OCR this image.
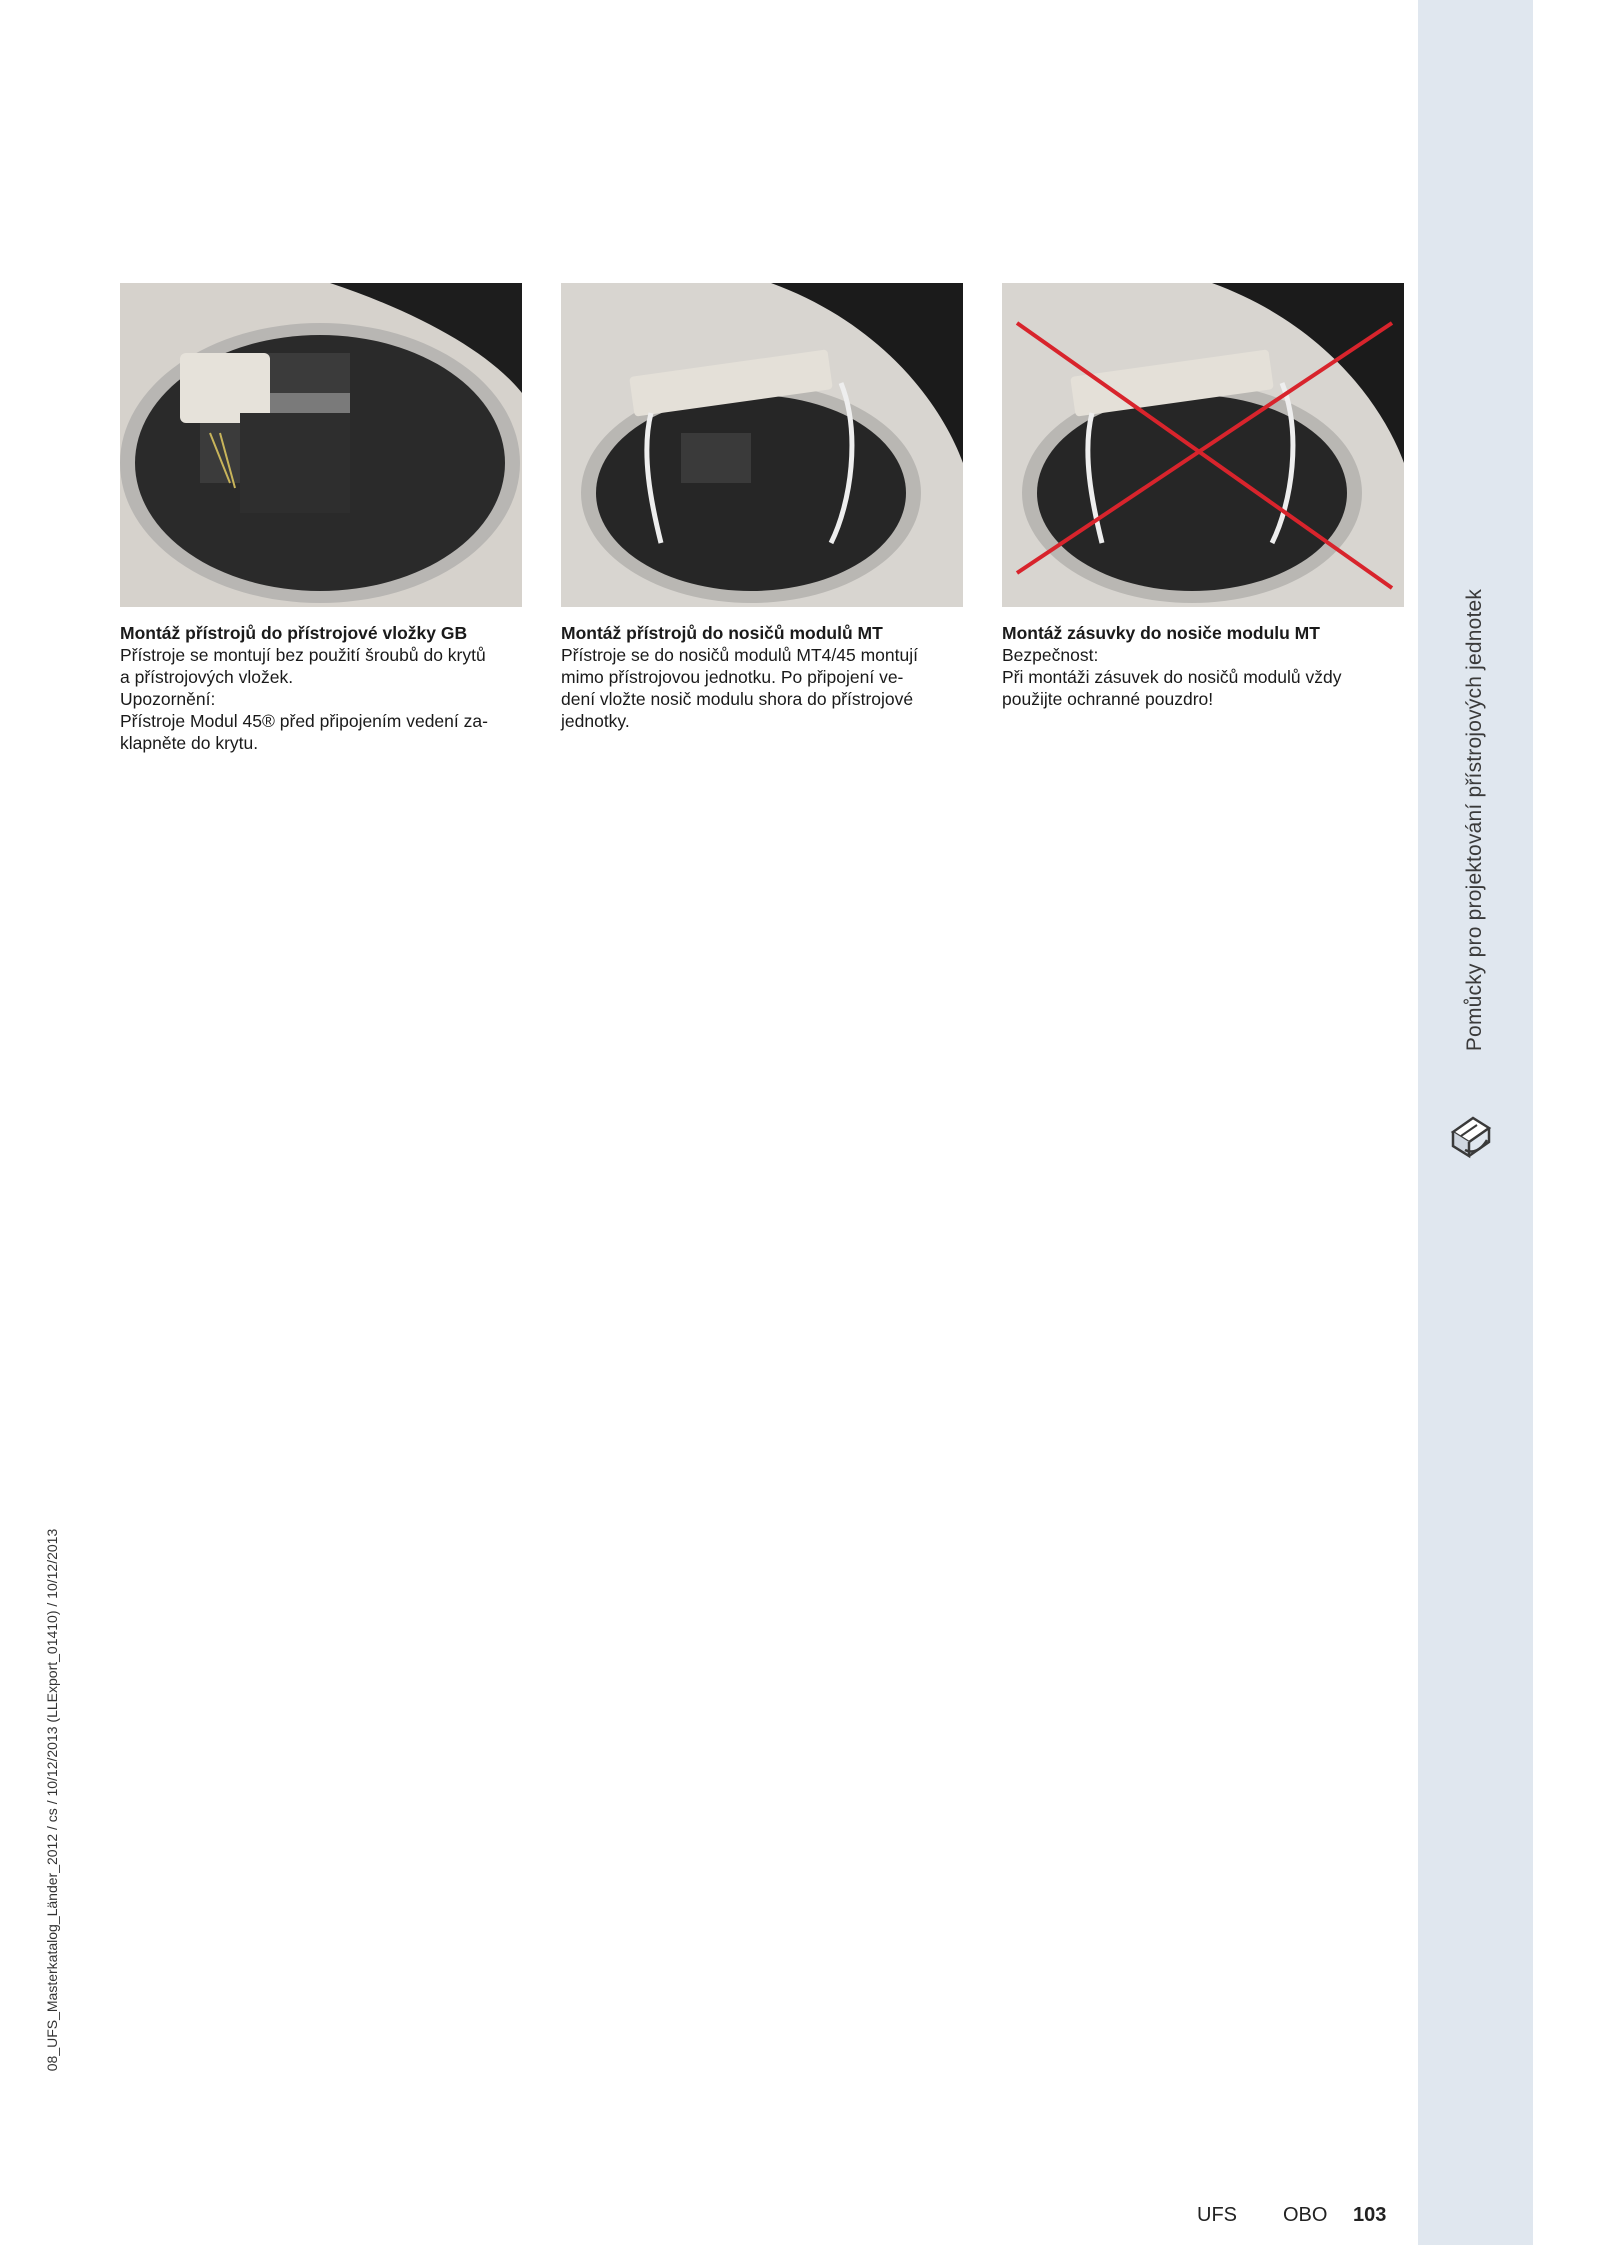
Pomůcky pro projektování přístrojových jednotek
08_UFS_Masterkatalog_Länder_2012 / cs / 10/12/2013 (LLExport_01410) / 10/12/2013
Montáž přístrojů do přístrojové vložky GB
Přístroje se montují bez použití šroubů do krytů
a přístrojových vložek.
Upozornění:
Přístroje Modul 45® před připojením vedení za-
klapněte do krytu.
Montáž přístrojů do nosičů modulů MT
Přístroje se do nosičů modulů MT4/45 montují
mimo přístrojovou jednotku. Po připojení ve-
dení vložte nosič modulu shora do přístrojové
jednotky.
Montáž zásuvky do nosiče modulu MT
Bezpečnost:
Při montáži zásuvek do nosičů modulů vždy
použijte ochranné pouzdro!
UFS OBO 103
